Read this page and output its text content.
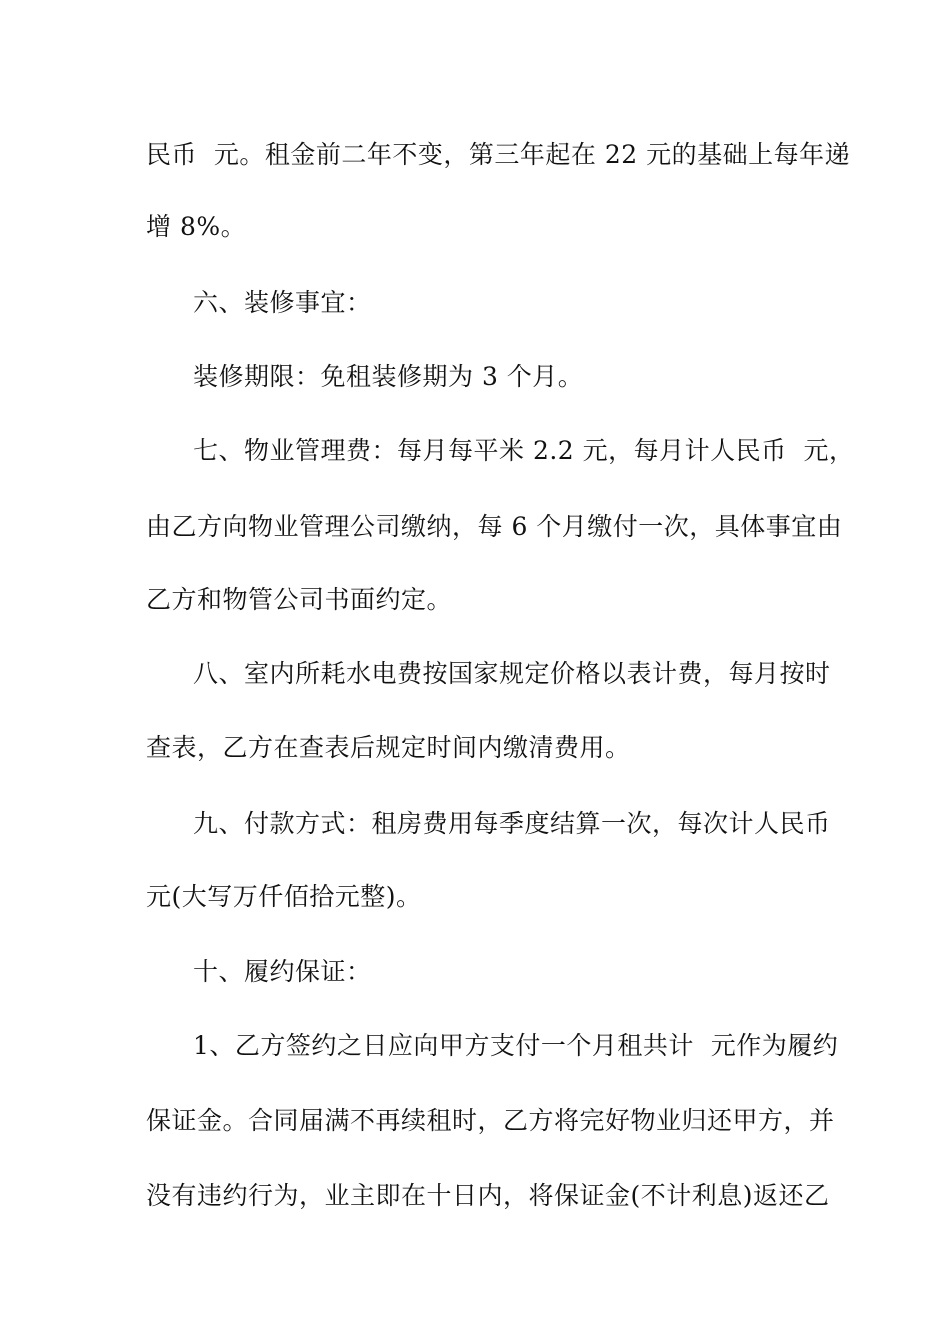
民币  元。租金前二年不变，第三年起在 22 元的基础上每年递
增 8%。
六、装修事宜：
装修期限：免租装修期为 3 个月。
七、物业管理费：每月每平米 2.2 元，每月计人民币  元，
由乙方向物业管理公司缴纳，每 6 个月缴付一次，具体事宜由
乙方和物管公司书面约定。
八、室内所耗水电费按国家规定价格以表计费，每月按时
查表，乙方在查表后规定时间内缴清费用。
九、付款方式：租房费用每季度结算一次，每次计人民币
元(大写万仟佰拾元整)。
十、履约保证：
1、乙方签约之日应向甲方支付一个月租共计  元作为履约
保证金。合同届满不再续租时，乙方将完好物业归还甲方，并
没有违约行为，业主即在十日内，将保证金(不计利息)返还乙
